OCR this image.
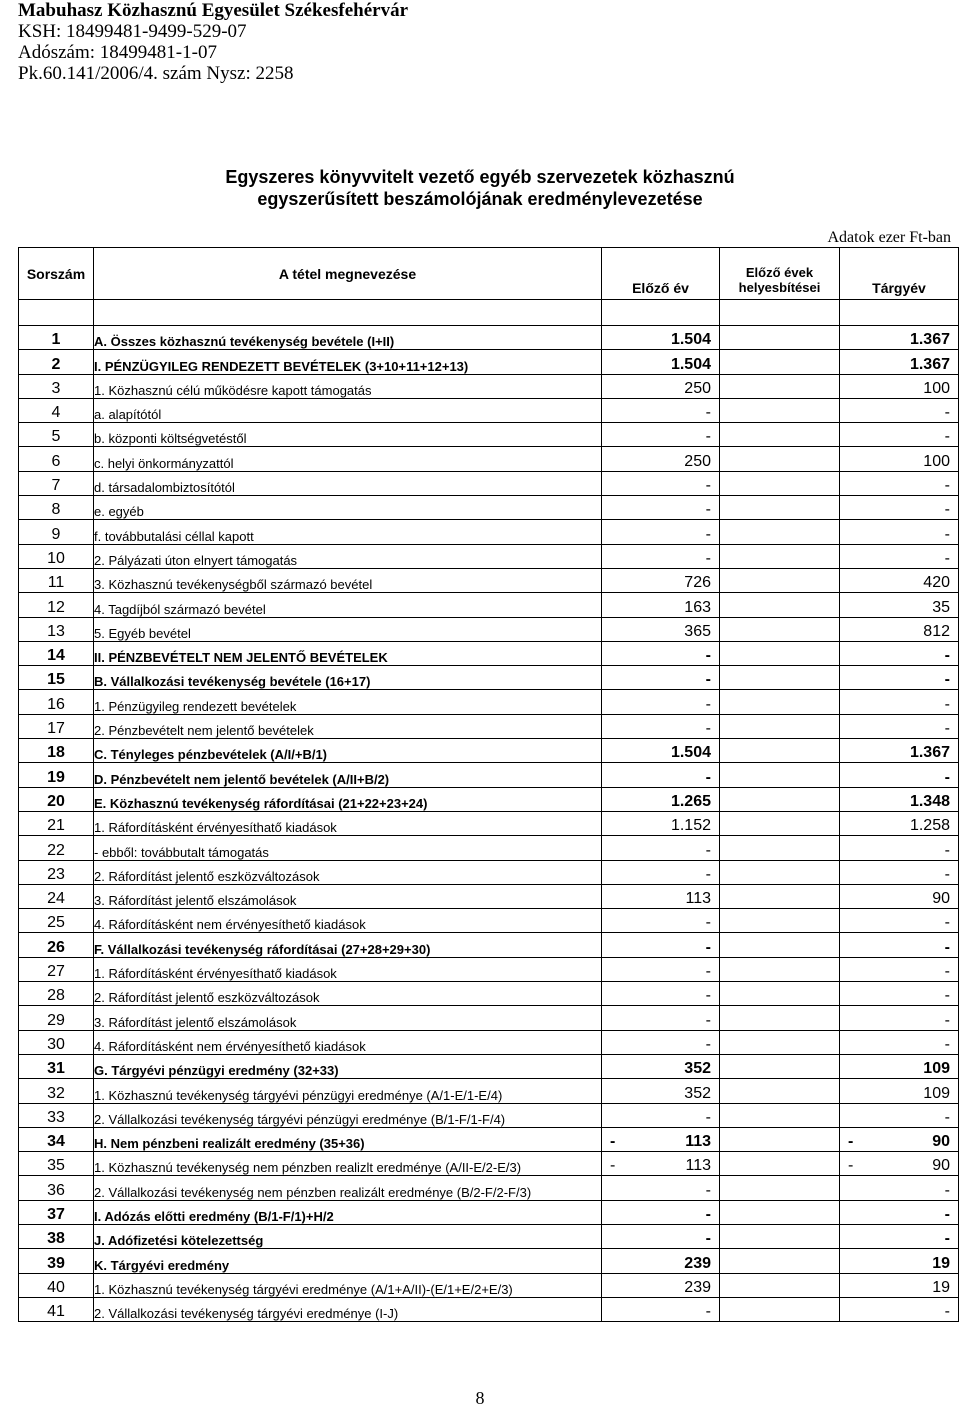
Mabuhasz Közhasznú Egyesület Székesfehérvár
KSH: 18499481-9499-529-07
Adószám: 18499481-1-07
Pk.60.141/2006/4. szám Nysz: 2258
Egyszeres könyvvitelt vezető egyéb szervezetek közhasznú
egyszerűsített beszámolójának eredménylevezetése
Adatok ezer Ft-ban
Sorszám	A tétel megnevezése	Előző év	Előző évek
helyesbítései	Tárgyév

1	A. Összes közhasznú tevékenység bevétele (I+II)	1.504		1.367

2	I. PÉNZÜGYILEG RENDEZETT BEVÉTELEK (3+10+11+12+13)	1.504		1.367

3	1. Közhasznú célú működésre kapott támogatás	250		100

4	a. alapítótól	-		-

5	b. központi költségvetéstől	-		-

6	c. helyi önkormányzattól	250		100

7	d. társadalombiztosítótól	-		-

8	e. egyéb	-		-

9	f. továbbutalási céllal kapott	-		-

10	2. Pályázati úton elnyert támogatás	-		-

11	3. Közhasznú tevékenységből származó bevétel	726		420

12	4. Tagdíjból származó bevétel	163		35

13	5. Egyéb bevétel	365		812

14	II. PÉNZBEVÉTELT NEM JELENTŐ BEVÉTELEK	-		-

15	B. Vállalkozási tevékenység bevétele (16+17)	-		-

16	1. Pénzügyileg rendezett bevételek	-		-

17	2. Pénzbevételt nem jelentő bevételek	-		-

18	C. Tényleges pénzbevételek (A/I/+B/1)	1.504		1.367

19	D. Pénzbevételt nem jelentő bevételek (A/II+B/2)	-		-

20	E. Közhasznú tevékenység ráfordításai (21+22+23+24)	1.265		1.348

21	1. Ráfordításként érvényesíthatő kiadások	1.152		1.258

22	- ebből: továbbutalt támogatás	-		-

23	2. Ráfordítást jelentő eszközváltozások	-		-

24	3. Ráfordítást jelentő elszámolások	113		90

25	4. Ráfordításként nem érvényesíthető kiadások	-		-

26	F. Vállalkozási tevékenység ráfordításai (27+28+29+30)	-		-

27	1. Ráfordításként érvényesíthatő kiadások	-		-

28	2. Ráfordítást jelentő eszközváltozások	-		-

29	3. Ráfordítást jelentő elszámolások	-		-

30	4. Ráfordításként nem érvényesíthető kiadások	-		-

31	G. Tárgyévi pénzügyi eredmény (32+33)	352		109

32	1. Közhasznú tevékenység tárgyévi pénzügyi eredménye (A/1-E/1-E/4)	352		109

33	2. Vállalkozási tevékenység tárgyévi pénzügyi eredménye (B/1-F/1-F/4)	-		-

34	H. Nem pénzbeni realizált eredmény (35+36)	- 113		- 90

35	1. Közhasznú tevékenység nem pénzben realizlt eredménye (A/II-E/2-E/3)	- 113		- 90

36	2. Vállalkozási tevékenység nem pénzben realizált eredménye (B/2-F/2-F/3)	-		-

37	I. Adózás előtti eredmény (B/1-F/1)+H/2	-		-

38	J. Adófizetési kötelezettség	-		-

39	K. Tárgyévi eredmény	239		19

40	1. Közhasznú tevékenység tárgyévi eredménye (A/1+A/II)-(E/1+E/2+E/3)	239		19

41	2. Vállalkozási tevékenység tárgyévi eredménye (I-J)	-		-
8
